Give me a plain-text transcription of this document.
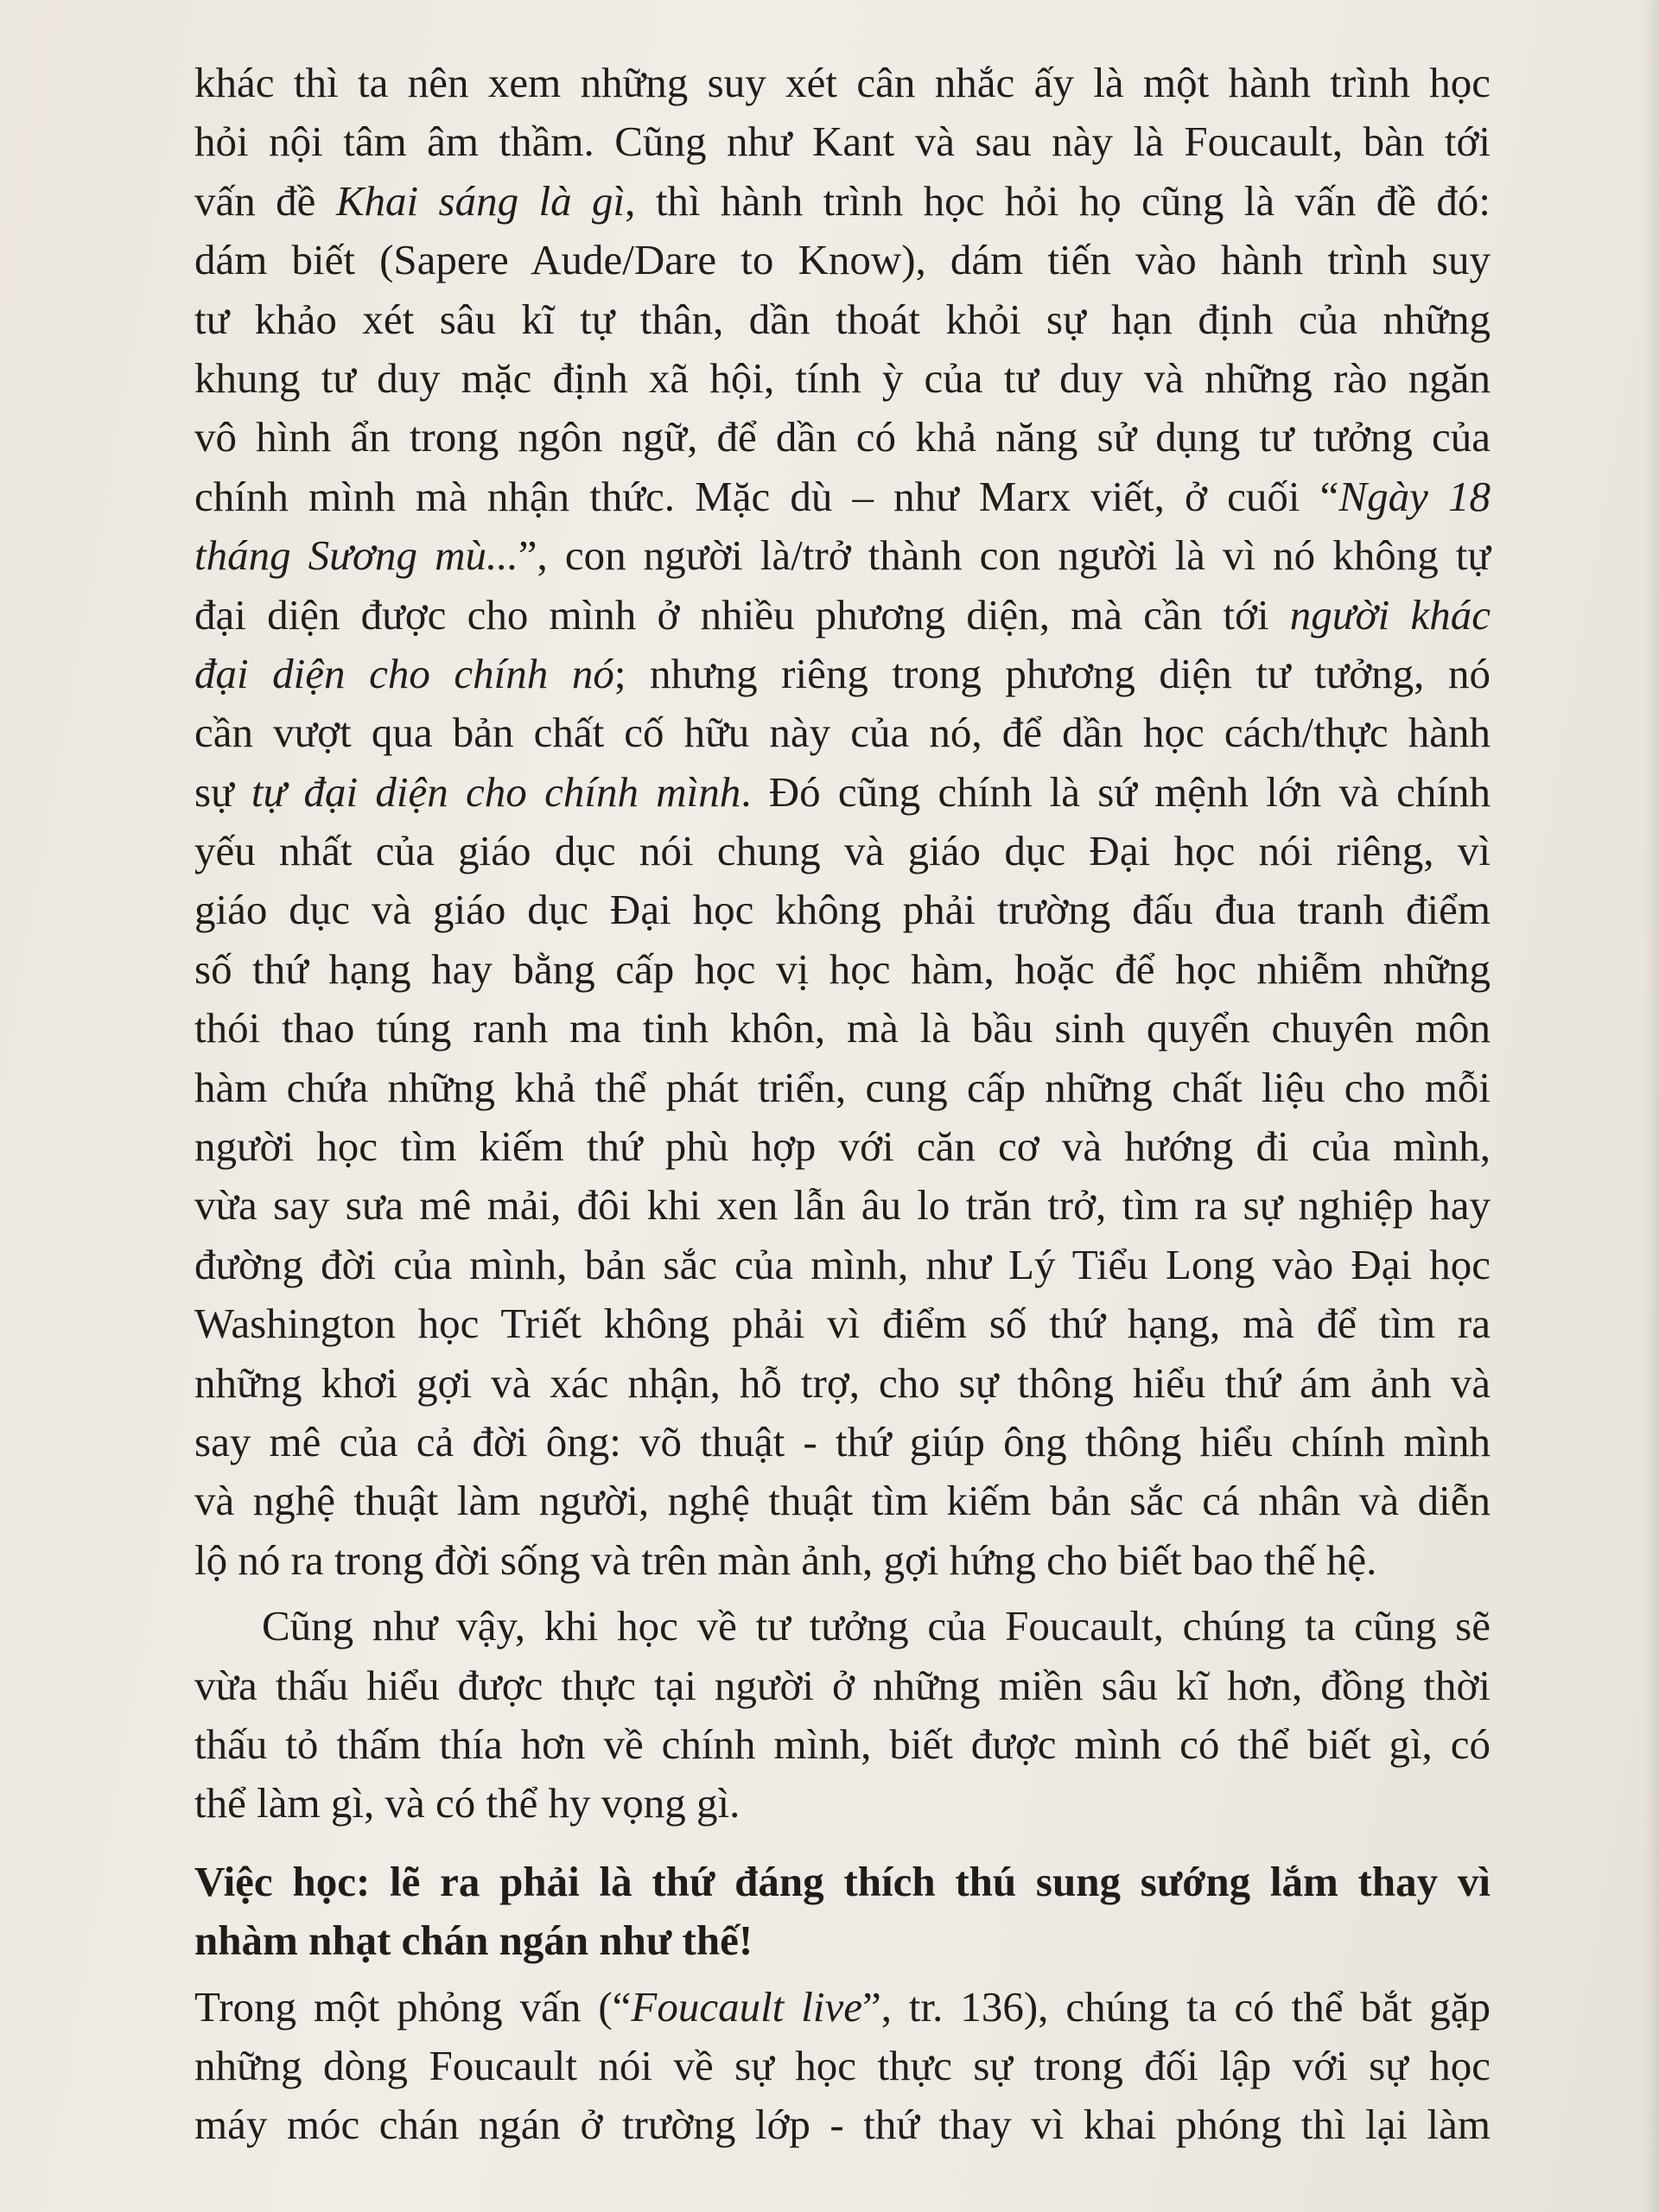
khác thì ta nên xem những suy xét cân nhắc ấy là một hành trình học
hỏi nội tâm âm thầm. Cũng như Kant và sau này là Foucault, bàn tới
vấn đề Khai sáng là gì, thì hành trình học hỏi họ cũng là vấn đề đó:
dám biết (Sapere Aude/Dare to Know), dám tiến vào hành trình suy
tư khảo xét sâu kĩ tự thân, dần thoát khỏi sự hạn định của những
khung tư duy mặc định xã hội, tính ỳ của tư duy và những rào ngăn
vô hình ẩn trong ngôn ngữ, để dần có khả năng sử dụng tư tưởng của
chính mình mà nhận thức. Mặc dù – như Marx viết, ở cuối “Ngày 18
tháng Sương mù...”, con người là/trở thành con người là vì nó không tự
đại diện được cho mình ở nhiều phương diện, mà cần tới người khác
đại diện cho chính nó; nhưng riêng trong phương diện tư tưởng, nó
cần vượt qua bản chất cố hữu này của nó, để dần học cách/thực hành
sự tự đại diện cho chính mình. Đó cũng chính là sứ mệnh lớn và chính
yếu nhất của giáo dục nói chung và giáo dục Đại học nói riêng, vì
giáo dục và giáo dục Đại học không phải trường đấu đua tranh điểm
số thứ hạng hay bằng cấp học vị học hàm, hoặc để học nhiễm những
thói thao túng ranh ma tinh khôn, mà là bầu sinh quyển chuyên môn
hàm chứa những khả thể phát triển, cung cấp những chất liệu cho mỗi
người học tìm kiếm thứ phù hợp với căn cơ và hướng đi của mình,
vừa say sưa mê mải, đôi khi xen lẫn âu lo trăn trở, tìm ra sự nghiệp hay
đường đời của mình, bản sắc của mình, như Lý Tiểu Long vào Đại học
Washington học Triết không phải vì điểm số thứ hạng, mà để tìm ra
những khơi gợi và xác nhận, hỗ trợ, cho sự thông hiểu thứ ám ảnh và
say mê của cả đời ông: võ thuật - thứ giúp ông thông hiểu chính mình
và nghệ thuật làm người, nghệ thuật tìm kiếm bản sắc cá nhân và diễn
lộ nó ra trong đời sống và trên màn ảnh, gợi hứng cho biết bao thế hệ.
Cũng như vậy, khi học về tư tưởng của Foucault, chúng ta cũng sẽ
vừa thấu hiểu được thực tại người ở những miền sâu kĩ hơn, đồng thời
thấu tỏ thấm thía hơn về chính mình, biết được mình có thể biết gì, có
thể làm gì, và có thể hy vọng gì.
Việc học: lẽ ra phải là thứ đáng thích thú sung sướng lắm thay vì
nhàm nhạt chán ngán như thế!
Trong một phỏng vấn (“Foucault live”, tr. 136), chúng ta có thể bắt gặp
những dòng Foucault nói về sự học thực sự trong đối lập với sự học
máy móc chán ngán ở trường lớp - thứ thay vì khai phóng thì lại làm
